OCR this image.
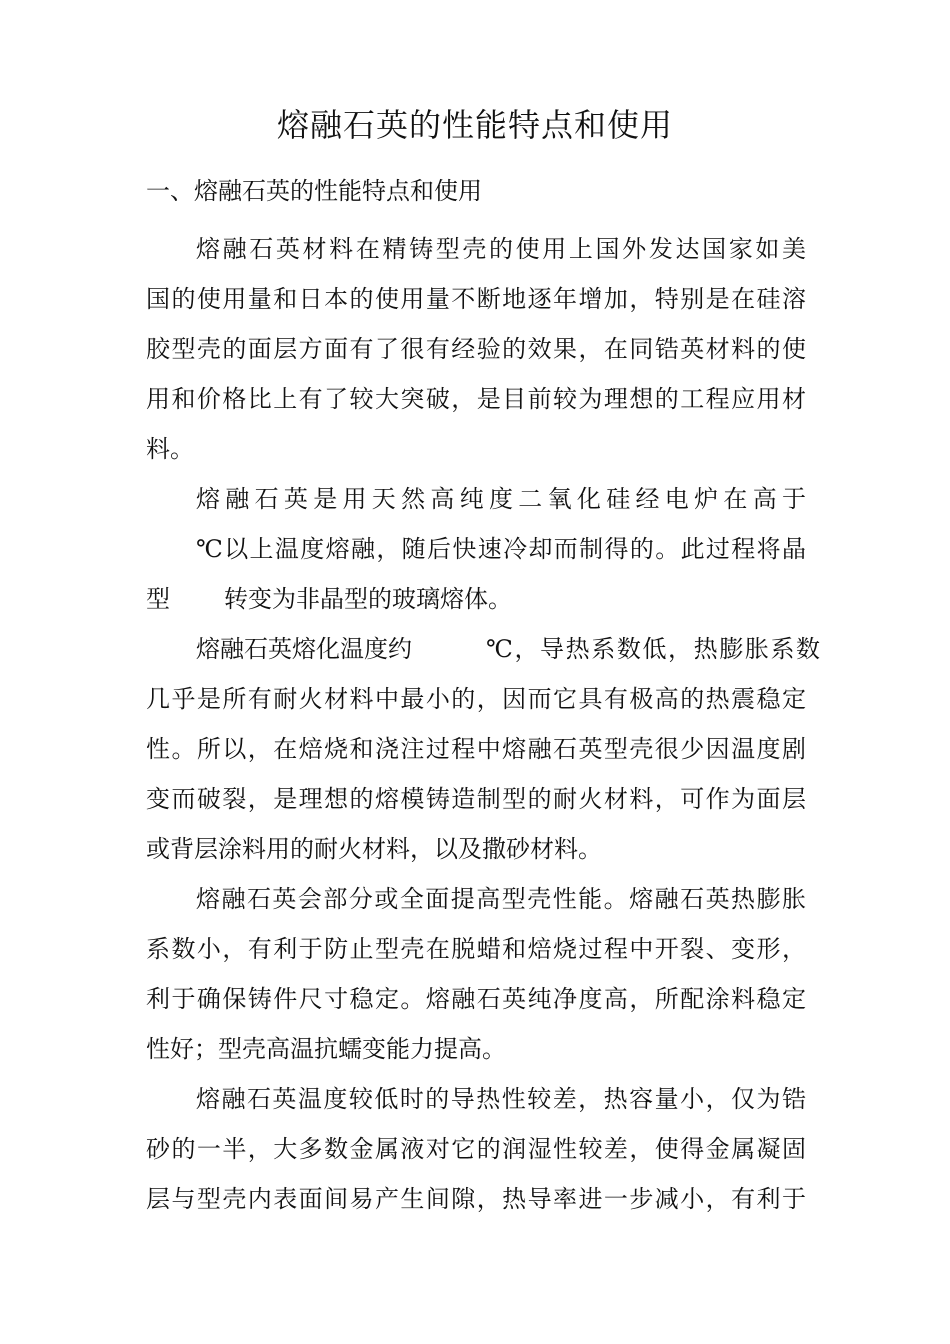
熔融石英的性能特点和使用
一、熔融石英的性能特点和使用
熔融石英材料在精铸型壳的使用上国外发达国家如美
国的使用量和日本的使用量不断地逐年增加，特别是在硅溶
胶型壳的面层方面有了很有经验的效果，在同锆英材料的使
用和价格比上有了较大突破，是目前较为理想的工程应用材
料。
熔融石英是用天然高纯度二氧化硅经电炉在高于
℃以上温度熔融，随后快速冷却而制得的。此过程将晶
型 转变为非晶型的玻璃熔体。
熔融石英熔化温度约	℃，导热系数低，热膨胀系数
几乎是所有耐火材料中最小的，因而它具有极高的热震稳定
性。所以，在焙烧和浇注过程中熔融石英型壳很少因温度剧
变而破裂，是理想的熔模铸造制型的耐火材料，可作为面层
或背层涂料用的耐火材料，以及撒砂材料。
熔融石英会部分或全面提高型壳性能。熔融石英热膨胀
系数小，有利于防止型壳在脱蜡和焙烧过程中开裂、变形，
利于确保铸件尺寸稳定。熔融石英纯净度高，所配涂料稳定
性好；型壳高温抗蠕变能力提高。
熔融石英温度较低时的导热性较差，热容量小，仅为锆
砂的一半，大多数金属液对它的润湿性较差，使得金属凝固
层与型壳内表面间易产生间隙，热导率进一步减小，有利于
